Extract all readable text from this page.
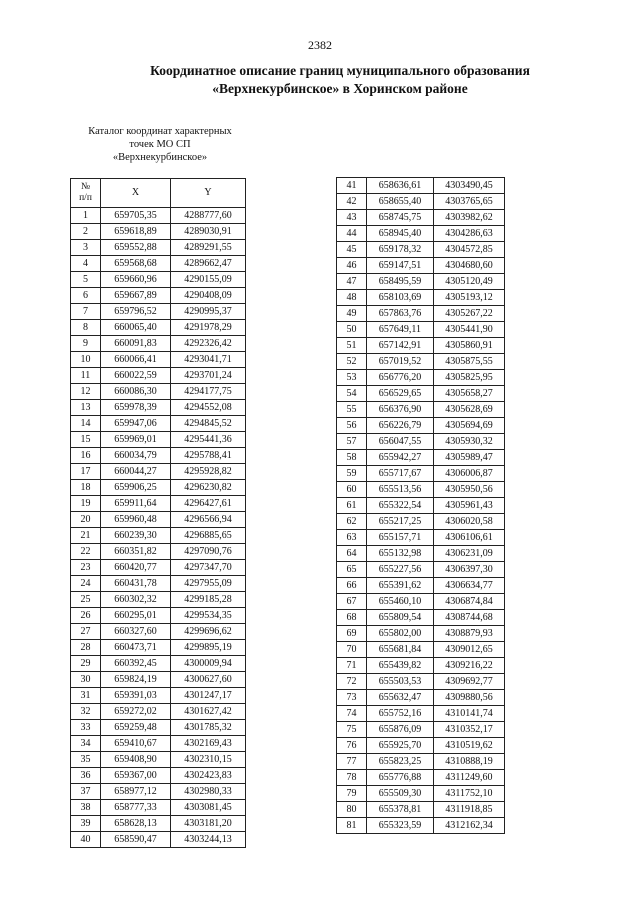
2382
Координатное описание границ муниципального образования
«Верхнекурбинское» в Хоринском районе
Каталог координат характерных
точек МО СП
«Верхнекурбинское»
№
п/п	X	Y
1	659705,35	4288777,60
2	659618,89	4289030,91
3	659552,88	4289291,55
4	659568,68	4289662,47
5	659660,96	4290155,09
6	659667,89	4290408,09
7	659796,52	4290995,37
8	660065,40	4291978,29
9	660091,83	4292326,42
10	660066,41	4293041,71
11	660022,59	4293701,24
12	660086,30	4294177,75
13	659978,39	4294552,08
14	659947,06	4294845,52
15	659969,01	4295441,36
16	660034,79	4295788,41
17	660044,27	4295928,82
18	659906,25	4296230,82
19	659911,64	4296427,61
20	659960,48	4296566,94
21	660239,30	4296885,65
22	660351,82	4297090,76
23	660420,77	4297347,70
24	660431,78	4297955,09
25	660302,32	4299185,28
26	660295,01	4299534,35
27	660327,60	4299696,62
28	660473,71	4299895,19
29	660392,45	4300009,94
30	659824,19	4300627,60
31	659391,03	4301247,17
32	659272,02	4301627,42
33	659259,48	4301785,32
34	659410,67	4302169,43
35	659408,90	4302310,15
36	659367,00	4302423,83
37	658977,12	4302980,33
38	658777,33	4303081,45
39	658628,13	4303181,20
40	658590,47	4303244,13
41	658636,61	4303490,45
42	658655,40	4303765,65
43	658745,75	4303982,62
44	658945,40	4304286,63
45	659178,32	4304572,85
46	659147,51	4304680,60
47	658495,59	4305120,49
48	658103,69	4305193,12
49	657863,76	4305267,22
50	657649,11	4305441,90
51	657142,91	4305860,91
52	657019,52	4305875,55
53	656776,20	4305825,95
54	656529,65	4305658,27
55	656376,90	4305628,69
56	656226,79	4305694,69
57	656047,55	4305930,32
58	655942,27	4305989,47
59	655717,67	4306006,87
60	655513,56	4305950,56
61	655322,54	4305961,43
62	655217,25	4306020,58
63	655157,71	4306106,61
64	655132,98	4306231,09
65	655227,56	4306397,30
66	655391,62	4306634,77
67	655460,10	4306874,84
68	655809,54	4308744,68
69	655802,00	4308879,93
70	655681,84	4309012,65
71	655439,82	4309216,22
72	655503,53	4309692,77
73	655632,47	4309880,56
74	655752,16	4310141,74
75	655876,09	4310352,17
76	655925,70	4310519,62
77	655823,25	4310888,19
78	655776,88	4311249,60
79	655509,30	4311752,10
80	655378,81	4311918,85
81	655323,59	4312162,34
